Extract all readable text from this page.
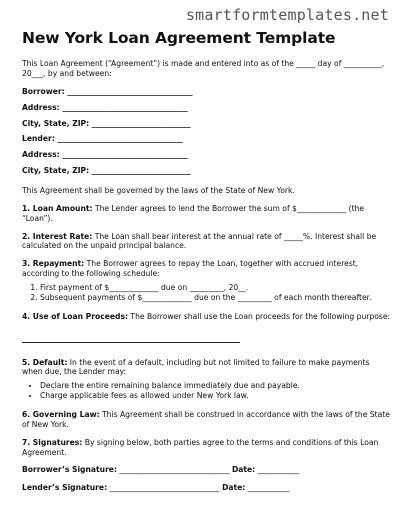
smartformtemplates.net
New York Loan Agreement Template

This Loan Agreement (“Agreement”) is made and entered into as of the _____ day of __________, 20___, by and between:

Borrower: _________________________________

Address: _________________________________

City, State, ZIP: __________________________

Lender: _________________________________

Address: _________________________________

City, State, ZIP: __________________________

This Agreement shall be governed by the laws of the State of New York.

1. Loan Amount: The Lender agrees to lend the Borrower the sum of $_____________ (the “Loan”).

2. Interest Rate: The Loan shall bear interest at the annual rate of _____%. Interest shall be calculated on the unpaid principal balance.

3. Repayment: The Borrower agrees to repay the Loan, together with accrued interest, according to the following schedule:

1. First payment of $_____________ due on _________, 20__.
2. Subsequent payments of $_____________ due on the _________ of each month thereafter.

4. Use of Loan Proceeds: The Borrower shall use the Loan proceeds for the following purpose:

5. Default: In the event of a default, including but not limited to failure to make payments when due, the Lender may:

• Declare the entire remaining balance immediately due and payable.
• Charge applicable fees as allowed under New York law.

6. Governing Law: This Agreement shall be construed in accordance with the laws of the State of New York.

7. Signatures: By signing below, both parties agree to the terms and conditions of this Loan Agreement.

Borrower’s Signature: _____________________________ Date: ___________

Lender’s Signature: _____________________________ Date: ___________
